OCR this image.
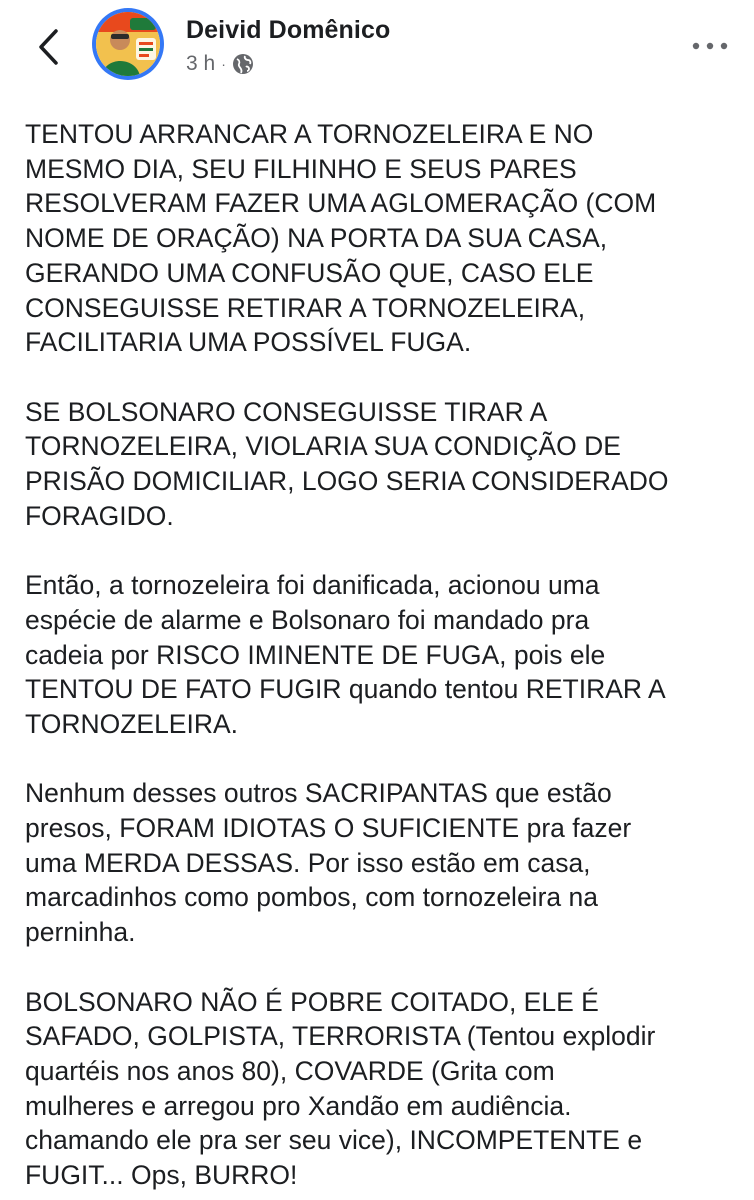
Deivid Domênico
3 h ·

TENTOU ARRANCAR A TORNOZELEIRA E NO
MESMO DIA, SEU FILHINHO E SEUS PARES
RESOLVERAM FAZER UMA AGLOMERAÇÃO (COM
NOME DE ORAÇÃO) NA PORTA DA SUA CASA,
GERANDO UMA CONFUSÃO QUE, CASO ELE
CONSEGUISSE RETIRAR A TORNOZELEIRA,
FACILITARIA UMA POSSÍVEL FUGA.

SE BOLSONARO CONSEGUISSE TIRAR A
TORNOZELEIRA, VIOLARIA SUA CONDIÇÃO DE
PRISÃO DOMICILIAR, LOGO SERIA CONSIDERADO
FORAGIDO.

Então, a tornozeleira foi danificada, acionou uma
espécie de alarme e Bolsonaro foi mandado pra
cadeia por RISCO IMINENTE DE FUGA, pois ele
TENTOU DE FATO FUGIR quando tentou RETIRAR A
TORNOZELEIRA.

Nenhum desses outros SACRIPANTAS que estão
presos, FORAM IDIOTAS O SUFICIENTE pra fazer
uma MERDA DESSAS. Por isso estão em casa,
marcadinhos como pombos, com tornozeleira na
perninha.

BOLSONARO NÃO É POBRE COITADO, ELE É
SAFADO, GOLPISTA, TERRORISTA (Tentou explodir
quartéis nos anos 80), COVARDE (Grita com
mulheres e arregou pro Xandão em audiência.
chamando ele pra ser seu vice), INCOMPETENTE e
FUGIT... Ops, BURRO!
